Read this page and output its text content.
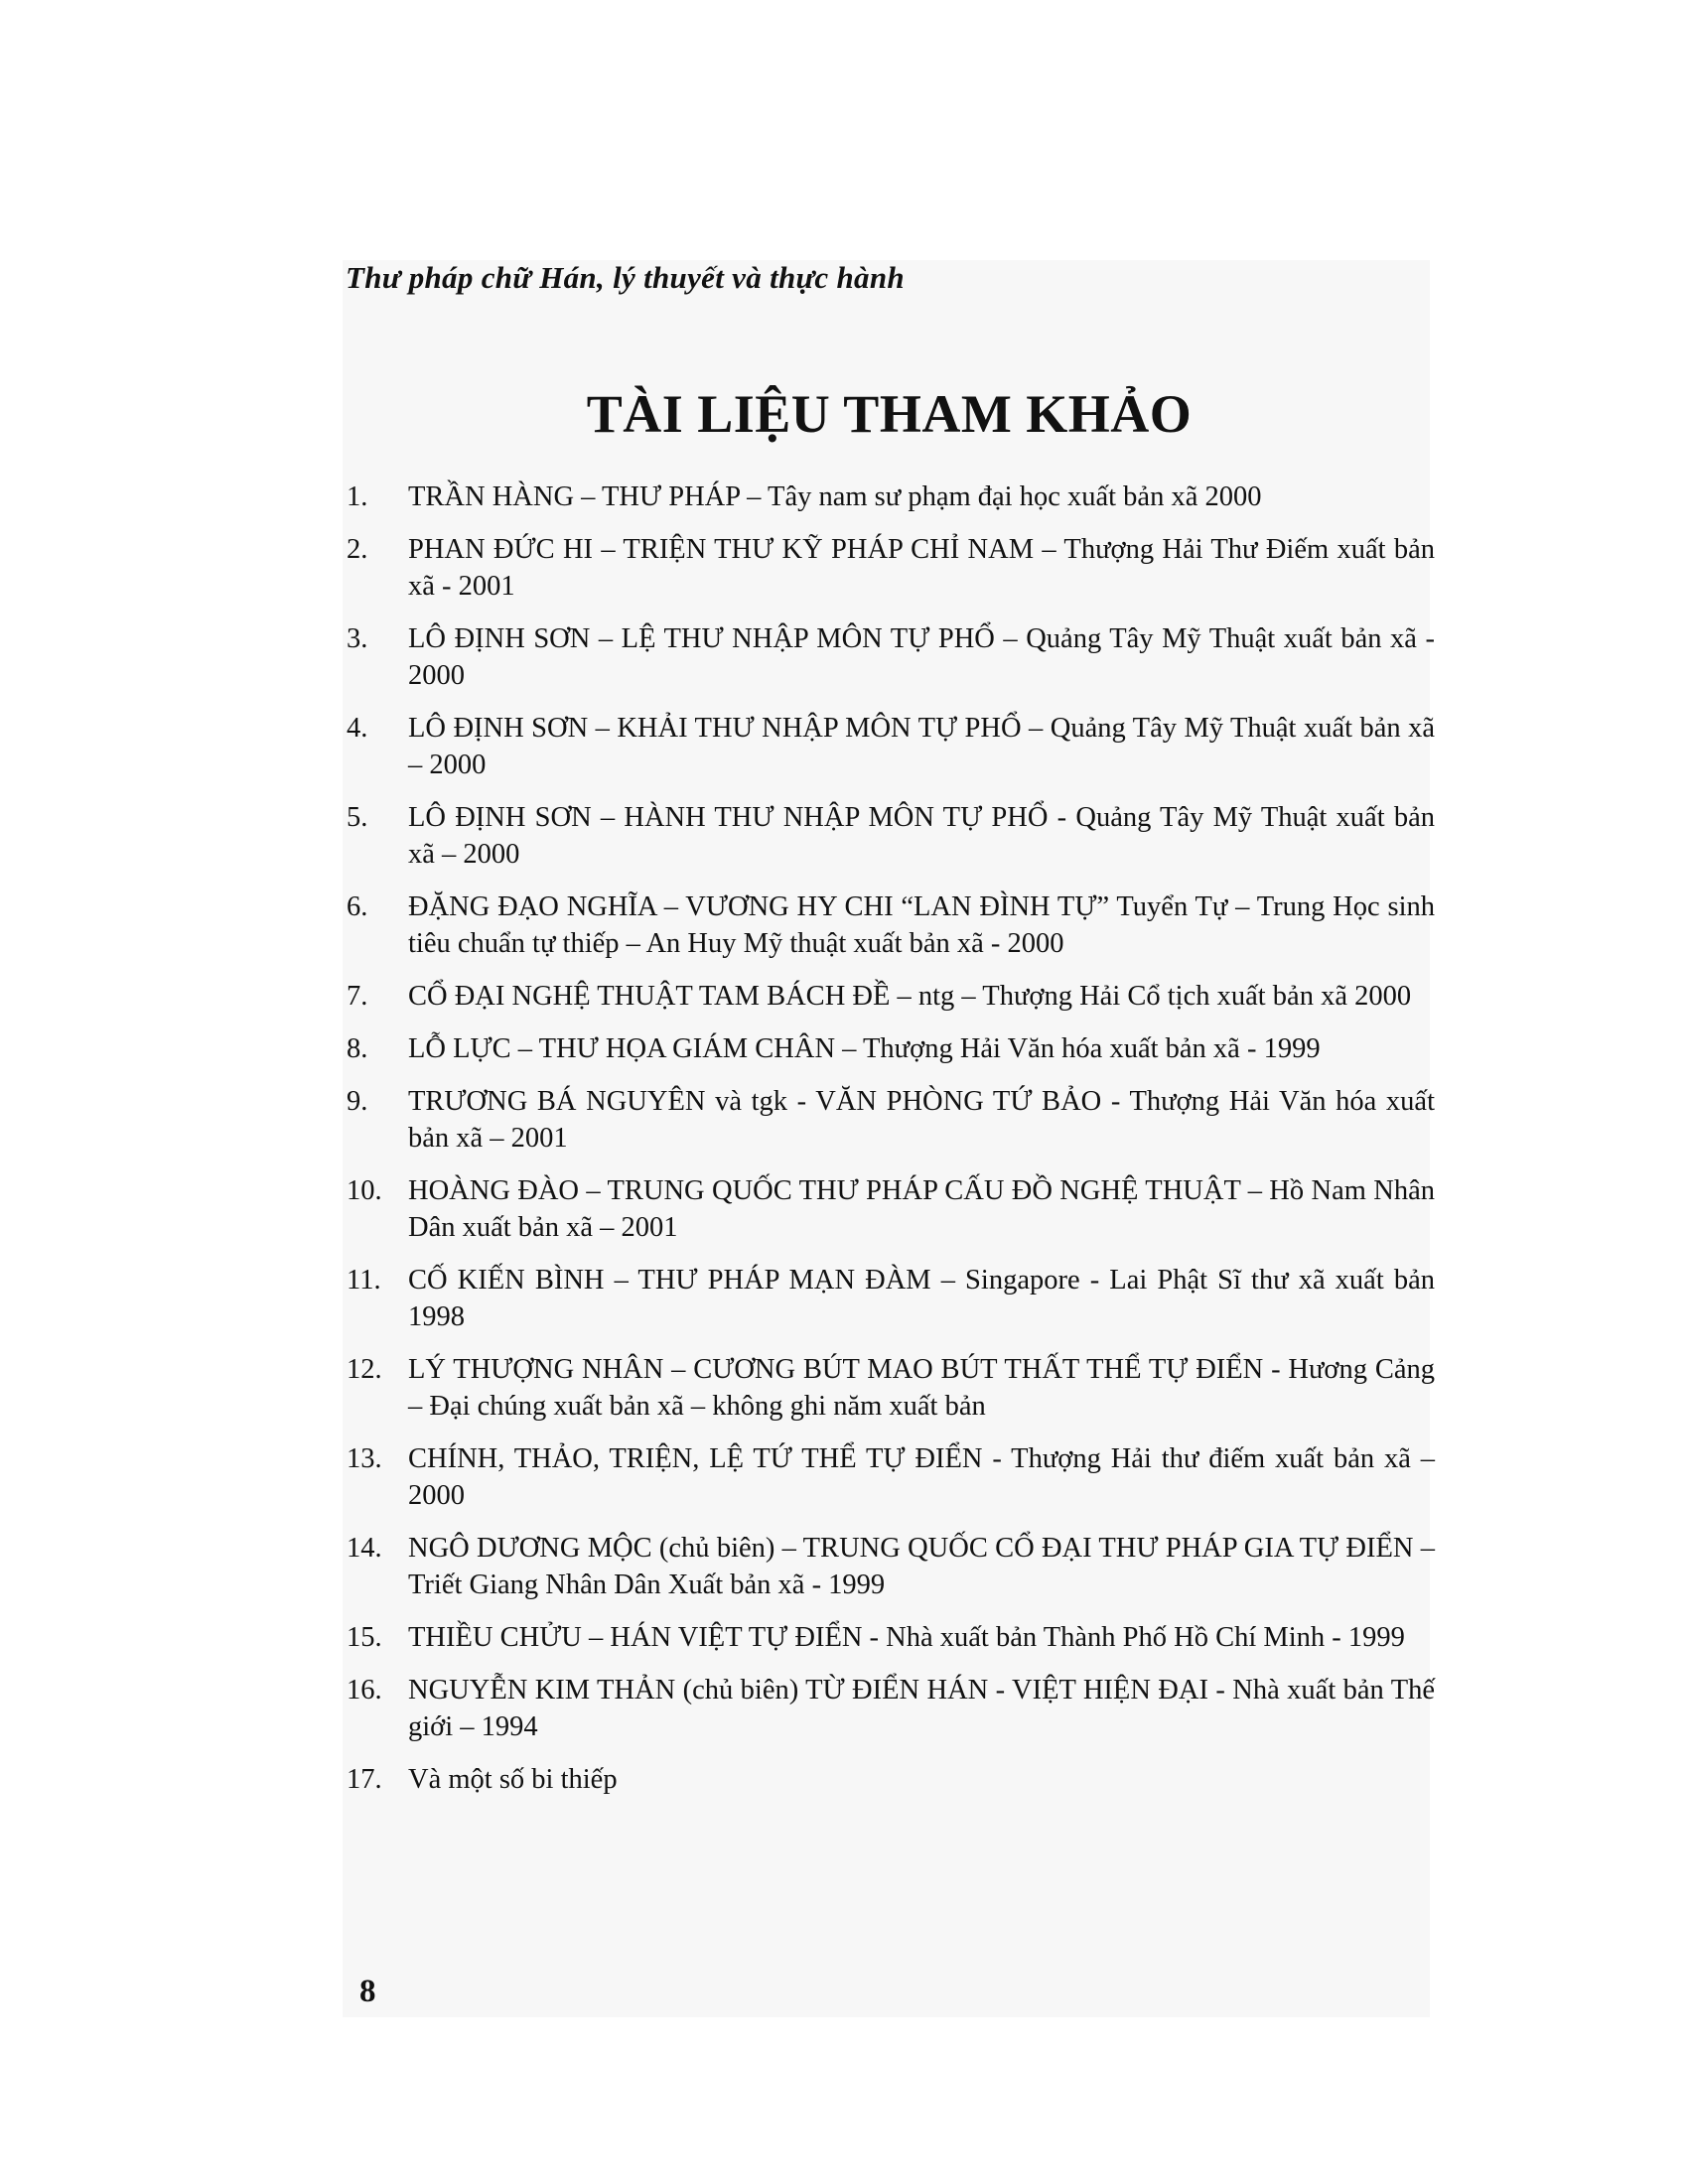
Thư pháp chữ Hán, lý thuyết và thực hành
TÀI LIỆU THAM KHẢO
1.	TRẦN HÀNG – THƯ PHÁP – Tây nam sư phạm đại học xuất bản xã 2000
2.	PHAN ĐỨC HI – TRIỆN THƯ KỸ PHÁP CHỈ NAM – Thượng Hải Thư Điếm xuất bản xã - 2001
3.	LÔ ĐỊNH SƠN – LỆ THƯ NHẬP MÔN TỰ PHỔ – Quảng Tây Mỹ Thuật xuất bản xã - 2000
4.	LÔ ĐỊNH SƠN – KHẢI THƯ NHẬP MÔN TỰ PHỔ – Quảng Tây Mỹ Thuật xuất bản xã – 2000
5.	LÔ ĐỊNH SƠN – HÀNH THƯ NHẬP MÔN TỰ PHỔ - Quảng Tây Mỹ Thuật xuất bản xã – 2000
6.	ĐẶNG ĐẠO NGHĨA – VƯƠNG HY CHI “LAN ĐÌNH TỰ” Tuyển Tự – Trung Học sinh tiêu chuẩn tự thiếp – An Huy Mỹ thuật xuất bản xã - 2000
7.	CỔ ĐẠI NGHỆ THUẬT TAM BÁCH ĐỀ – ntg – Thượng Hải Cổ tịch xuất bản xã 2000
8.	LỖ LỰC – THƯ HỌA GIÁM CHÂN – Thượng Hải Văn hóa xuất bản xã - 1999
9.	TRƯƠNG BÁ NGUYÊN và tgk - VĂN PHÒNG TỨ BẢO - Thượng Hải Văn hóa xuất bản xã – 2001
10. HOÀNG ĐÀO – TRUNG QUỐC THƯ PHÁP CẤU ĐỒ NGHỆ THUẬT – Hồ Nam Nhân Dân xuất bản xã – 2001
11. CỐ KIẾN BÌNH – THƯ PHÁP MẠN ĐÀM – Singapore - Lai Phật Sĩ thư xã xuất bản 1998
12. LÝ THƯỢNG NHÂN – CƯƠNG BÚT MAO BÚT THẤT THỂ TỰ ĐIỂN - Hương Cảng – Đại chúng xuất bản xã – không ghi năm xuất bản
13. CHÍNH, THẢO, TRIỆN, LỆ TỨ THỂ TỰ ĐIỂN - Thượng Hải thư điếm xuất bản xã – 2000
14. NGÔ DƯƠNG MỘC (chủ biên) – TRUNG QUỐC CỔ ĐẠI THƯ PHÁP GIA TỰ ĐIỂN – Triết Giang Nhân Dân Xuất bản xã - 1999
15. THIỀU CHỬU – HÁN VIỆT TỰ ĐIỂN - Nhà xuất bản Thành Phố Hồ Chí Minh - 1999
16. NGUYỄN KIM THẢN (chủ biên) TỪ ĐIỂN HÁN - VIỆT HIỆN ĐẠI - Nhà xuất bản Thế giới – 1994
17. Và một số bi thiếp
8
